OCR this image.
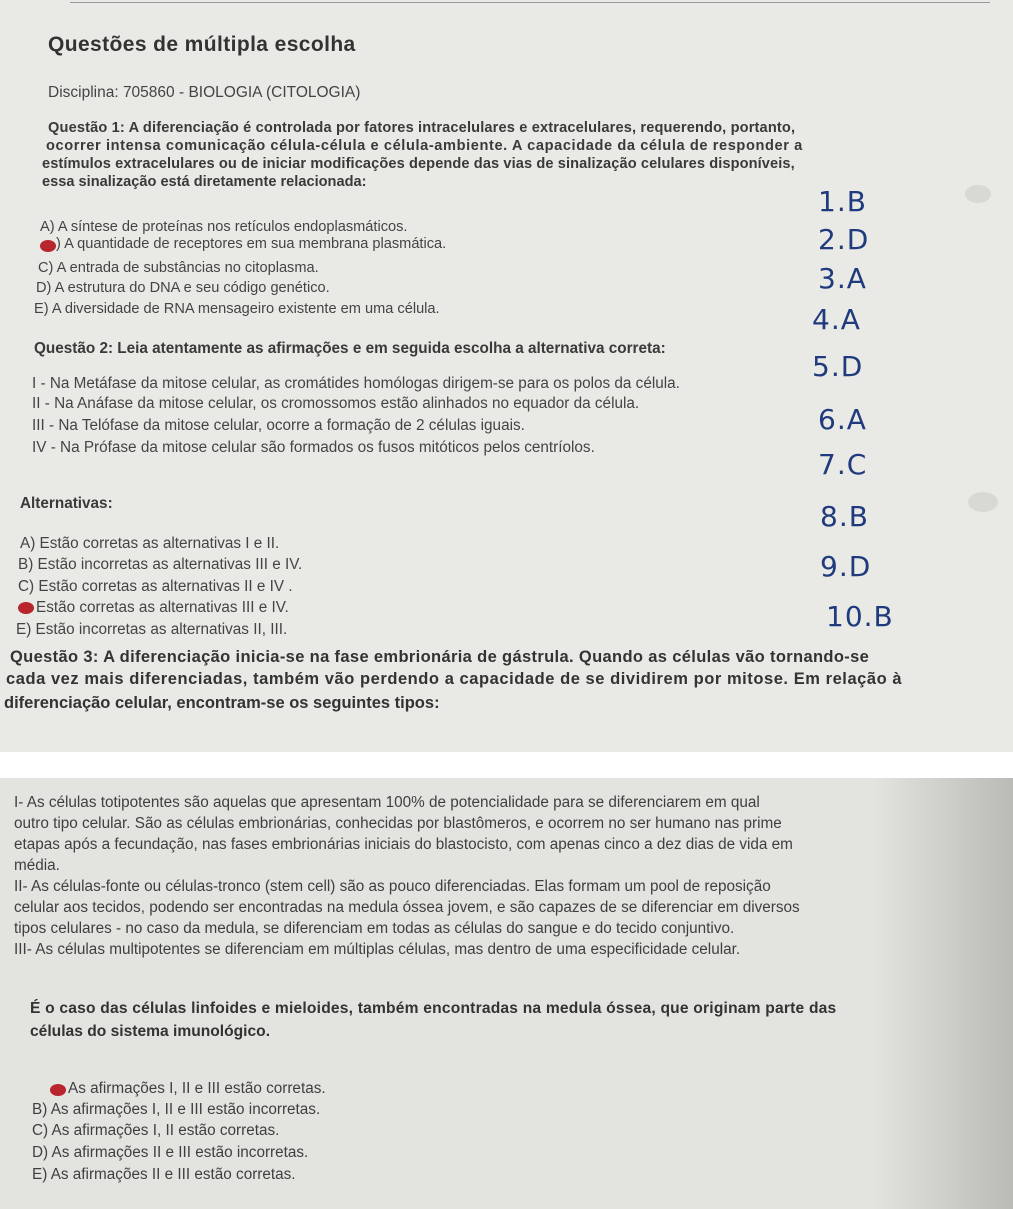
Questões de múltipla escolha
Disciplina: 705860 - BIOLOGIA (CITOLOGIA)
Questão 1: A diferenciação é controlada por fatores intracelulares e extracelulares, requerendo, portanto,
ocorrer intensa comunicação célula-célula e célula-ambiente. A capacidade da célula de responder a
estímulos extracelulares ou de iniciar modificações depende das vias de sinalização celulares disponíveis,
essa sinalização está diretamente relacionada:
A) A síntese de proteínas nos retículos endoplasmáticos.
) A quantidade de receptores em sua membrana plasmática.
C) A entrada de substâncias no citoplasma.
D) A estrutura do DNA e seu código genético.
E) A diversidade de RNA mensageiro existente em uma célula.
Questão 2: Leia atentamente as afirmações e em seguida escolha a alternativa correta:
I - Na Metáfase da mitose celular, as cromátides homólogas dirigem-se para os polos da célula.
II - Na Anáfase da mitose celular, os cromossomos estão alinhados no equador da célula.
III - Na Telófase da mitose celular, ocorre a formação de 2 células iguais.
IV - Na Prófase da mitose celular são formados os fusos mitóticos pelos centríolos.
Alternativas:
A) Estão corretas as alternativas I e II.
B) Estão incorretas as alternativas III e IV.
C) Estão corretas as alternativas II e IV .
Estão corretas as alternativas III e IV.
E) Estão incorretas as alternativas II, III.
Questão 3: A diferenciação inicia-se na fase embrionária de gástrula. Quando as células vão tornando-se
cada vez mais diferenciadas, também vão perdendo a capacidade de se dividirem por mitose. Em relação à
diferenciação celular, encontram-se os seguintes tipos:
1.B
2.D
3.A
4.A
5.D
6.A
7.C
8.B
9.D
10.B
I- As células totipotentes são aquelas que apresentam 100% de potencialidade para se diferenciarem em qual
outro tipo celular. São as células embrionárias, conhecidas por blastômeros, e ocorrem no ser humano nas prime
etapas após a fecundação, nas fases embrionárias iniciais do blastocisto, com apenas cinco a dez dias de vida em
média.
II- As células-fonte ou células-tronco (stem cell) são as pouco diferenciadas. Elas formam um pool de reposição
celular aos tecidos, podendo ser encontradas na medula óssea jovem, e são capazes de se diferenciar em diversos
tipos celulares - no caso da medula, se diferenciam em todas as células do sangue e do tecido conjuntivo.
III- As células multipotentes se diferenciam em múltiplas células, mas dentro de uma especificidade celular.
É o caso das células linfoides e mieloides, também encontradas na medula óssea, que originam parte das
células do sistema imunológico.
As afirmações I, II e III estão corretas.
B) As afirmações I, II e III estão incorretas.
C) As afirmações I, II estão corretas.
D) As afirmações II e III estão incorretas.
E) As afirmações II e III estão corretas.
